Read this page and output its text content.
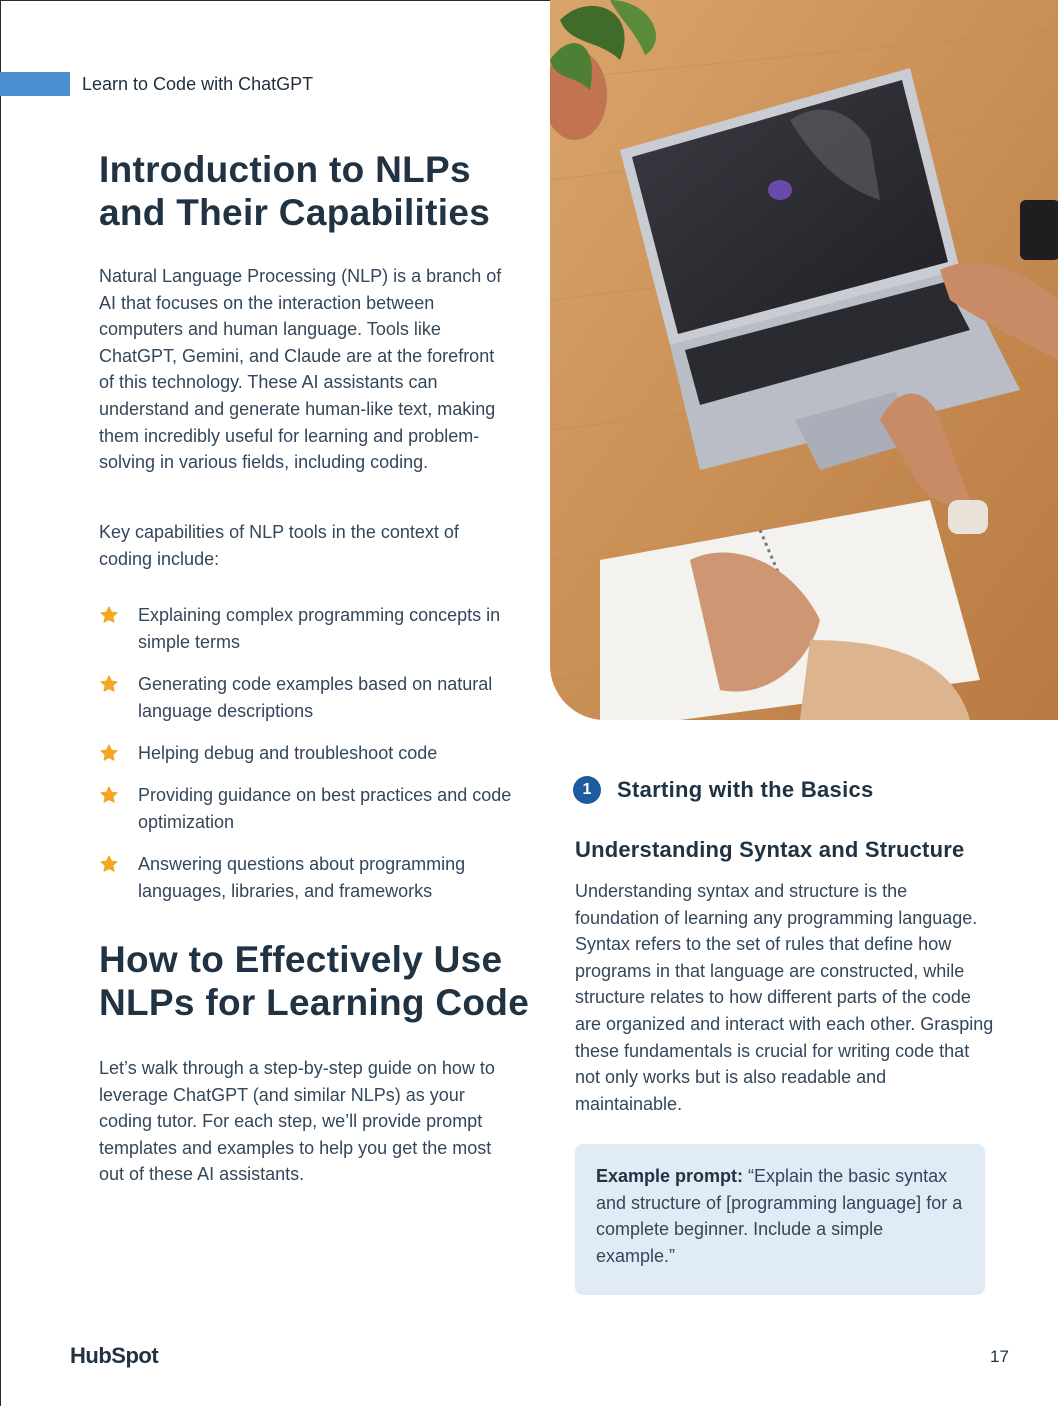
Learn to Code with ChatGPT
Introduction to NLPs
and Their Capabilities
Natural Language Processing (NLP) is a branch of AI that focuses on the interaction between computers and human language. Tools like ChatGPT, Gemini, and Claude are at the forefront of this technology. These AI assistants can understand and generate human-like text, making them incredibly useful for learning and problem-solving in various fields, including coding.
Key capabilities of NLP tools in the context of coding include:
Explaining complex programming concepts in simple terms
Generating code examples based on natural language descriptions
Helping debug and troubleshoot code
Providing guidance on best practices and code optimization
Answering questions about programming languages, libraries, and frameworks
How to Effectively Use
NLPs for Learning Code
Let’s walk through a step-by-step guide on how to leverage ChatGPT (and similar NLPs) as your coding tutor. For each step, we’ll provide prompt templates and examples to help you get the most out of these AI assistants.
1	Starting with the Basics
Understanding Syntax and Structure
Understanding syntax and structure is the foundation of learning any programming language. Syntax refers to the set of rules that define how programs in that language are constructed, while structure relates to how different parts of the code are organized and interact with each other. Grasping these fundamentals is crucial for writing code that not only works but is also readable and maintainable.
Example prompt: “Explain the basic syntax and structure of [programming language] for a complete beginner. Include a simple example.”
HubSpot	17
